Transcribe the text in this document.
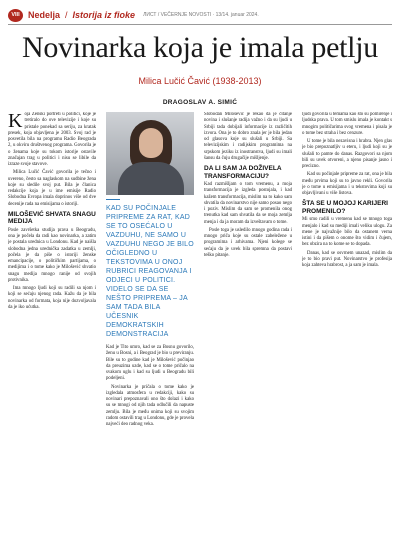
VIII Nedelja / Istorija iz fioke ЛИСТ / VEČERNJE NOVOSTI · 13/14. januar 2024.
Novinarka koja je imala petlju
Milica Lučić Čavić (1938-2013)
DRAGOSLAV A. SIMIĆ

Koja Ženski portreti u politici, koje je tretiralo do ove televizije i koje su pristale ponekad sa seriju, za kratak presek, koja objavljena je 2003. Svoj rad je posvetila bila na programu Radio Beograda 2, u okviru društvenog programa. Govorila je o ženama koje su tokom istorije ostavile značajan trag u politici i nisu se libile da izraze svoje stavove.

Milica Lučić Čavić govorila je tečno i uvereno, često sa naglaskom na sudbine žena koje su sledile svoj put. Bila je članica redakcije koja je u ime emisije Radio Slobodna Evropa imala doprinos više od dve decenije rada na emisijama o istoriji.

MILOŠEVIĆ SHVATA SNAGU MEDIJA

Posle završetka studija prava u Beogradu, ona je počela da radi kao novinarka, a zatim je postala urednica u Londonu. Kad je naišla slobodna jedna urednička zadatka u zemlji, počela je da piše o istoriji ženske emancipacije, o političkim partijama, o medijima i o tome kako je Milošević shvatio snagu medija mnogo ranije od svojih protivnika.

Ima mnogo ljudi koji su radili sa njom i koji se sećaju njenog rada. Kažu da je bila novinarka od formata, koja nije dozvoljavala da je iko ućutka.

KAD SU POČINJALE PRIPREME ZA RAT, KAD SE TO OSEĆALO U VAZDUHU, NE SAMO U VAZDUHU NEGO JE BILO OČIGLEDNO U TEKSTOVIMA U ONOJ RUBRICI REAGOVANJA I ODJECI U POLITICI. VIDELO SE DA SE NEŠTO PRIPREMA – JA SAM TADA BILA UČESNIK DEMOKRATSKIH DEMONSTRACIJA

Kad je Tito umro, kad se za Bosnu govorilo, ženu u Bosni, a i Beograd je bio u previranju. Bile su to godine kad je Milošević počinjao da preuzima uzde, kad se o tome pričalo na svakom uglu i kad su ljudi u Beogradu bili podeljeni.

Novinarka je pričala o tome kako je izgledala atmosfera u redakciji, kako su novinari prepoznavali ono što dolazi i kako su se mnogi od njih tada odlučili da napuste zemlju. Bila je među onima koji su svojim radom ostavili trag u Londonu, gde je provela najveći deo radnog veka.

Slobodan Milošević je rekao da je čitanje novina i slušanje radija važno i da su ljudi u Srbiji tada dobijali informacije iz različitih izvora. Ona je to dobro znala jer je bila jedan od glasova koje su slušali u Srbiji. Sa televizijskim i radijskim programima na srpskom jeziku iz inostranstva, ljudi su imali šansu da čuju drugačije mišljenje.

DA LI SAM JA DOŽIVELA TRANSFORMACIJU?

Kad razmišljam o tom vremenu, a moja transformacija je izgleda postojala, i kad kažem transformacija, mislim na to kako sam shvatila da novinarstvo nije samo posao nego i poziv. Mislim da sam se promenila onog trenutka kad sam shvatila da se moja zemlja menja i da ja moram da izveštavam o tome.

Posle toga je usledilo mnogo godina rada i mnogo priča koje su ostale zabeležene u programima i arhivama. Njeni kolege se sećaju da je uvek bila spremna da postavi teško pitanje.

ljudi govorila u temama kao što su pomirenje i ljudska prava. U tom smislu imala je kontakt s mnogim političarima svog vremena i pisala je o tome bez straha i bez cenzure.

U tome je bila nezavisna i hrabra. Njen glas je bio prepoznatljiv u eteru, i ljudi koji su je slušali to pamte do danas. Razgovori sa njom bili su uvek otvoreni, a njeno pisanje jasno i precizno.

Kad su počinjale pripreme za rat, ona je bila među prvima koji su to javno rekli. Govorila je o tome u emisijama i u tekstovima koji su objavljivani u više listova.

ŠTA SE U MOJOJ KARIJERI PROMENILO?

Mi smo radili u vremenu kad se mnogo toga menjalo i kad su mediji imali veliku ulogu. Za mene je najvažnije bilo da ostanem verna istini i da pišem o onome što vidim i čujem, bez obzira na to kome se to dopada.

Danas, kad se osvrnem unazad, mislim da je to bio pravi put. Novinarstvo je profesija koja zahteva hrabrost, a ja sam je imala.
